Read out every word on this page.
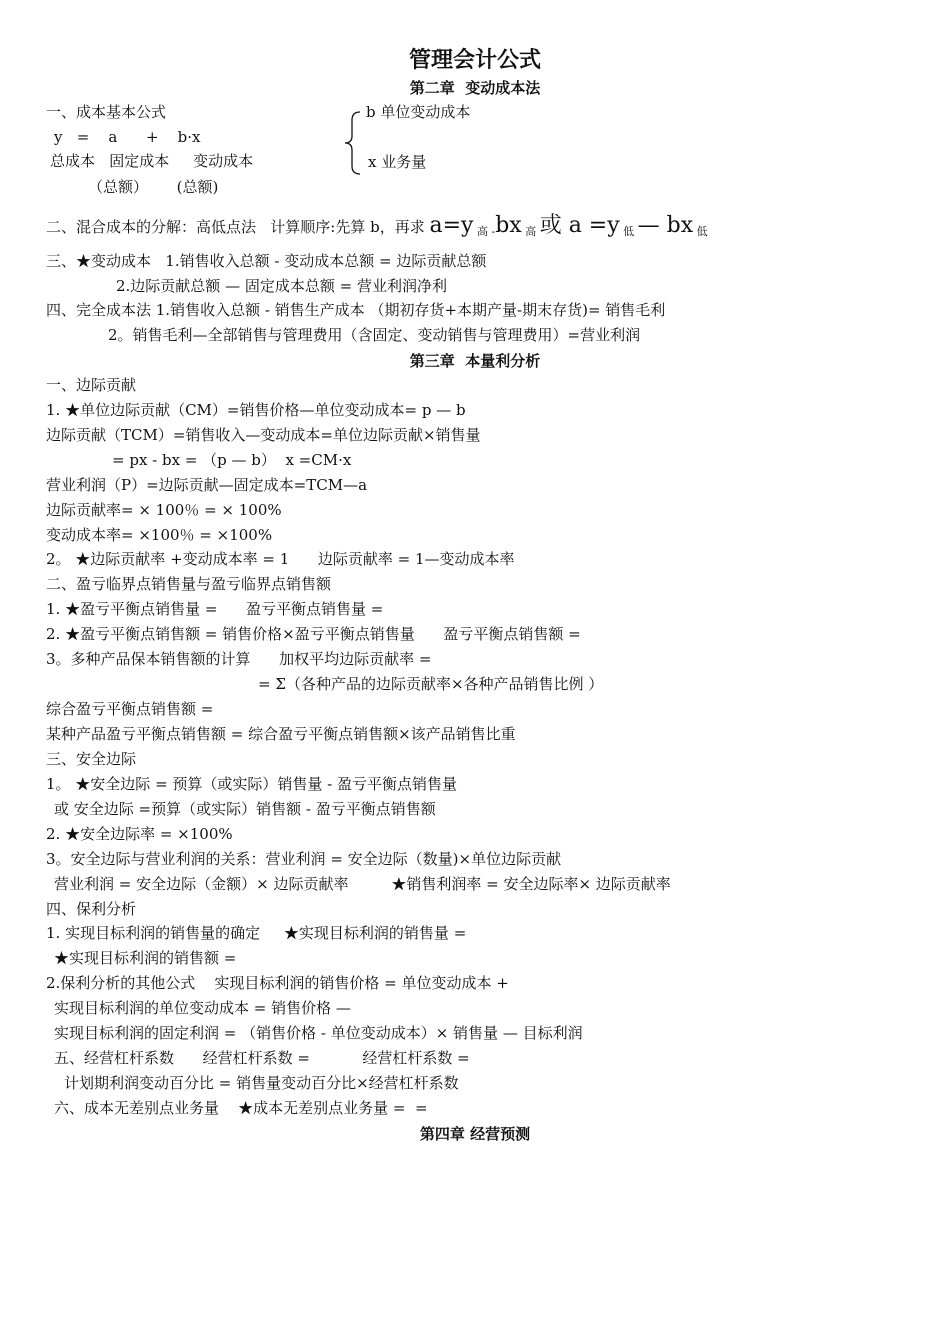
管理会计公式
第二章  变动成本法
一、成本基本公式	b 单位变动成本
y   =    a      +    b·x
总成本   固定成本     变动成本	x 业务量
（总额）      (总额)
二、混合成本的分解：高低点法   计算顺序:先算 b，再求 a=y $_高$ $_-$bx $_高$ 或 a =y $_低$ — bx $_低$
三、★变动成本   1.销售收入总额 - 变动成本总额 = 边际贡献总额
2.边际贡献总额 — 固定成本总额 = 营业利润净利
四、完全成本法 1.销售收入总额 - 销售生产成本 （期初存货+本期产量-期末存货)= 销售毛利
2。销售毛利—全部销售与管理费用（含固定、变动销售与管理费用）=营业利润
第三章  本量利分析
一、边际贡献
1. ★单位边际贡献（CM）=销售价格—单位变动成本= p — b
边际贡献（TCM）=销售收入—变动成本=单位边际贡献×销售量
= px - bx = （p — b）  x =CM·x
营业利润（P）=边际贡献—固定成本=TCM—a
边际贡献率= × 100％ = × 100%
变动成本率= ×100％ = ×100%
2。 ★边际贡献率 +变动成本率 = 1      边际贡献率 = 1—变动成本率
二、盈亏临界点销售量与盈亏临界点销售额
1. ★盈亏平衡点销售量 =      盈亏平衡点销售量 =
2. ★盈亏平衡点销售额 = 销售价格×盈亏平衡点销售量      盈亏平衡点销售额 =
3。多种产品保本销售额的计算      加权平均边际贡献率 =
= Σ（各种产品的边际贡献率×各种产品销售比例 ）
综合盈亏平衡点销售额 =
某种产品盈亏平衡点销售额 = 综合盈亏平衡点销售额×该产品销售比重
三、安全边际
1。 ★安全边际 = 预算（或实际）销售量 - 盈亏平衡点销售量
或 安全边际 =预算（或实际）销售额 - 盈亏平衡点销售额
2. ★安全边际率 = ×100%
3。安全边际与营业利润的关系：营业利润 = 安全边际（数量)×单位边际贡献
营业利润 = 安全边际（金额）× 边际贡献率         ★销售利润率 = 安全边际率× 边际贡献率
四、保利分析
1. 实现目标利润的销售量的确定     ★实现目标利润的销售量 =
★实现目标利润的销售额 =
2.保利分析的其他公式    实现目标利润的销售价格 = 单位变动成本 +
实现目标利润的单位变动成本 = 销售价格 —
实现目标利润的固定利润 = （销售价格 - 单位变动成本）× 销售量 — 目标利润
五、经营杠杆系数      经营杠杆系数 =           经营杠杆系数 =
计划期利润变动百分比 = 销售量变动百分比×经营杠杆系数
六、成本无差别点业务量    ★成本无差别点业务量 =  =
第四章 经营预测
